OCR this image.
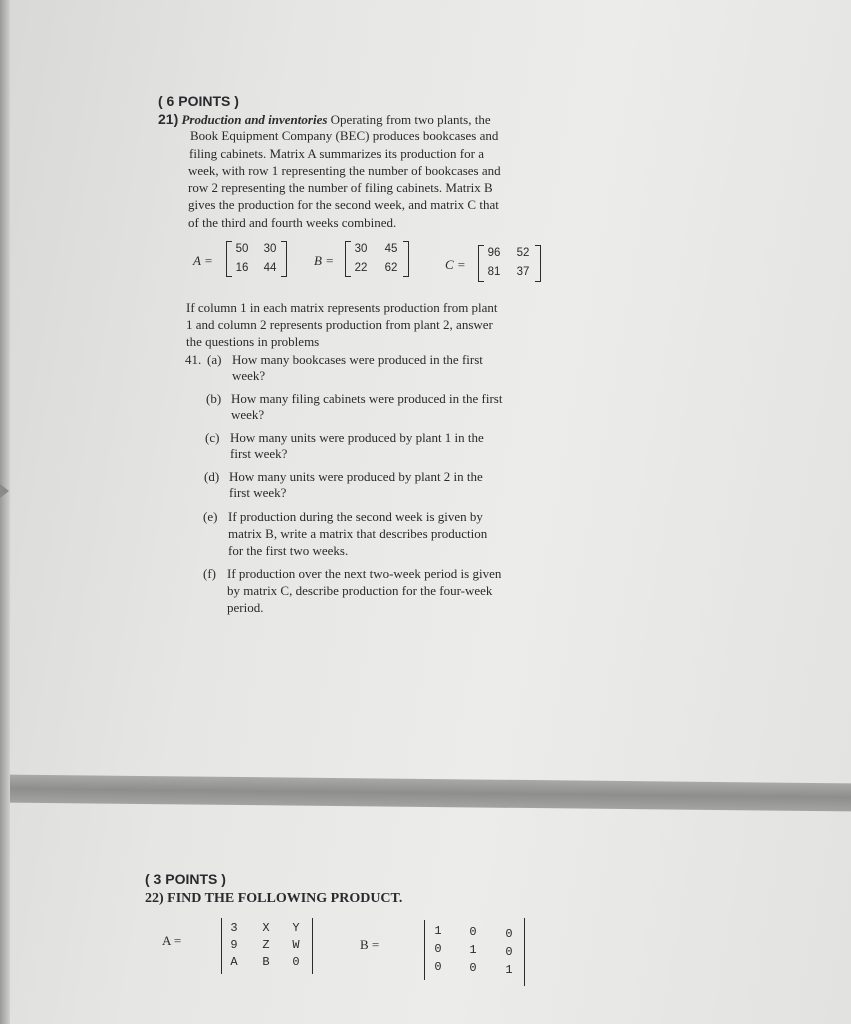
( 6 POINTS )
21) Production and inventories Operating from two plants, the
Book Equipment Company (BEC) produces bookcases and
filing cabinets. Matrix A summarizes its production for a
week, with row 1 representing the number of bookcases and
row 2 representing the number of filing cabinets. Matrix B
gives the production for the second week, and matrix C that
of the third and fourth weeks combined.
A =
50	30
16	44	B =
30	45
22	62	C =
96	52
81	37
If column 1 in each matrix represents production from plant
1 and column 2 represents production from plant 2, answer
the questions in problems
41. (a) How many bookcases were produced in the first
week?
(b) How many filing cabinets were produced in the first
week?
(c) How many units were produced by plant 1 in the
first week?
(d) How many units were produced by plant 2 in the
first week?
(e) If production during the second week is given by
matrix B, write a matrix that describes production
for the first two weeks.
(f) If production over the next two-week period is given
by matrix C, describe production for the four-week
period.
( 3 POINTS )
22) FIND THE FOLLOWING PRODUCT.
A =
3	X	Y
9	Z	W
A	B	0
B =
1	0	0
0	1	0
0	0	1
